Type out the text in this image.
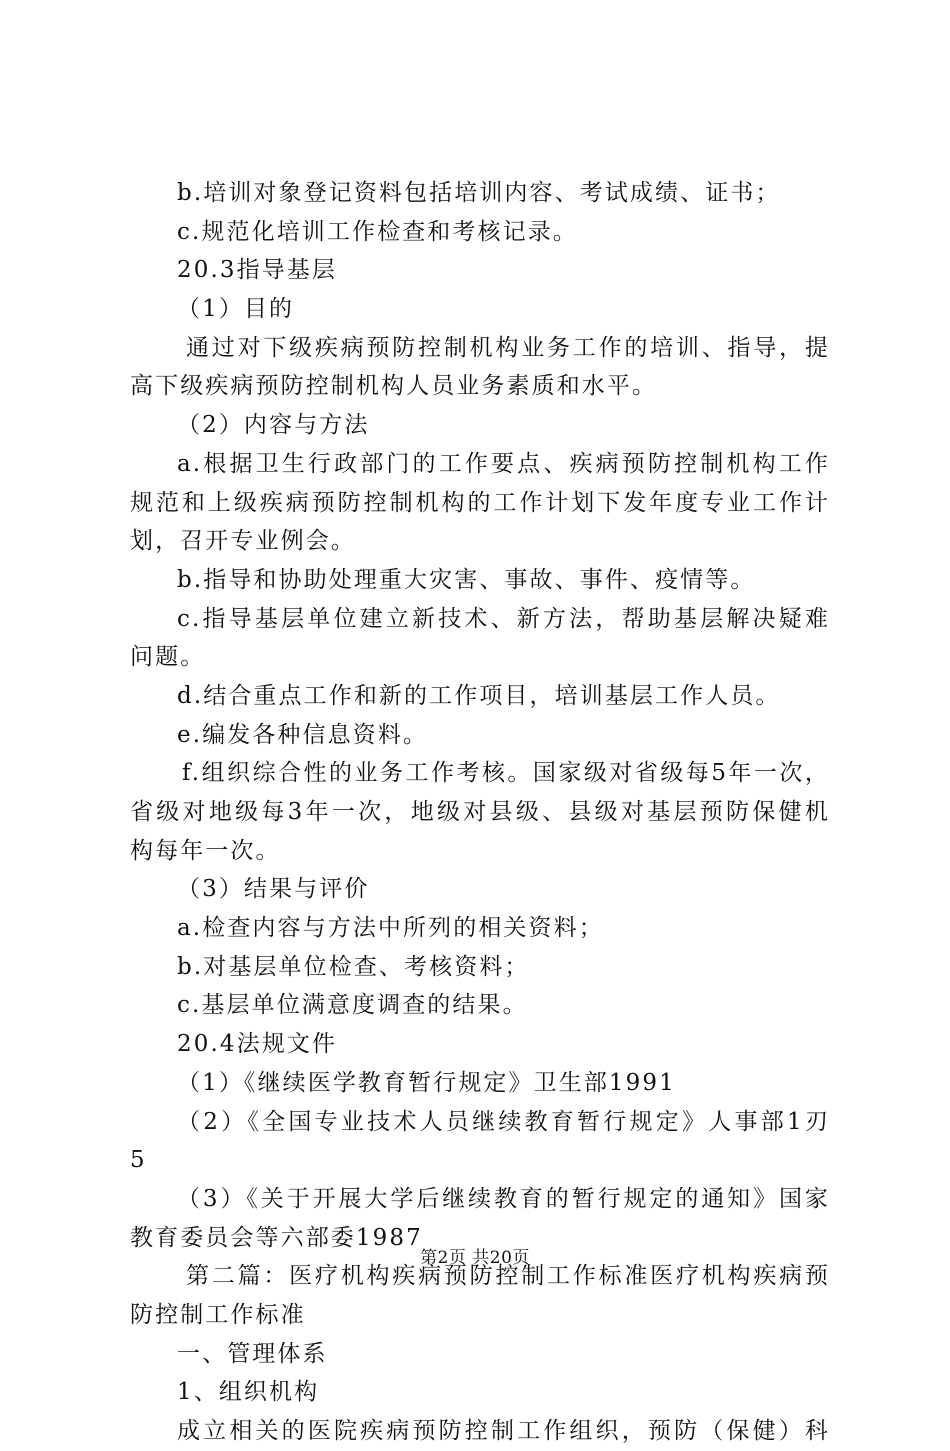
b.培训对象登记资料包括培训内容、考试成绩、证书；
c.规范化培训工作检查和考核记录。
20.3指导基层
（1）目的
通过对下级疾病预防控制机构业务工作的培训、指导，提
高下级疾病预防控制机构人员业务素质和水平。
（2）内容与方法
a.根据卫生行政部门的工作要点、疾病预防控制机构工作
规范和上级疾病预防控制机构的工作计划下发年度专业工作计
划，召开专业例会。
b.指导和协助处理重大灾害、事故、事件、疫情等。
c.指导基层单位建立新技术、新方法，帮助基层解决疑难
问题。
d.结合重点工作和新的工作项目，培训基层工作人员。
e.编发各种信息资料。
f.组织综合性的业务工作考核。国家级对省级每5年一次，
省级对地级每3年一次，地级对县级、县级对基层预防保健机
构每年一次。
（3）结果与评价
a.检查内容与方法中所列的相关资料；
b.对基层单位检查、考核资料；
c.基层单位满意度调查的结果。
20.4法规文件
（1）《继续医学教育暂行规定》卫生部1991
（2）《全国专业技术人员继续教育暂行规定》人事部1刃
5
（3）《关于开展大学后继续教育的暂行规定的通知》国家
教育委员会等六部委1987
第二篇：医疗机构疾病预防控制工作标准医疗机构疾病预
防控制工作标准
一、管理体系
1、组织机构
成立相关的医院疾病预防控制工作组织，预防（保健）科
第2页 共20页
